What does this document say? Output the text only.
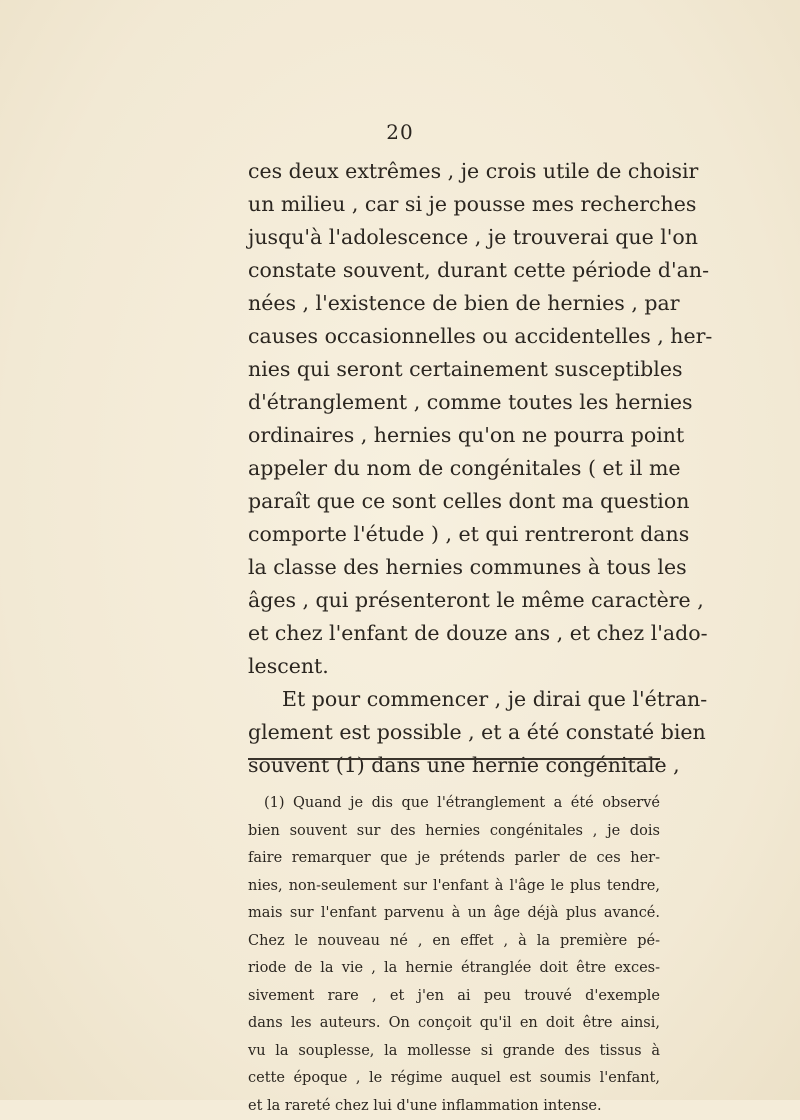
20
ces deux extrêmes , je crois utile de choisir
un milieu , car si je pousse mes recherches
jusqu'à l'adolescence , je trouverai que l'on
constate souvent, durant cette période d'an-
nées , l'existence de bien de hernies , par
causes occasionnelles ou accidentelles , her-
nies qui seront certainement susceptibles
d'étranglement , comme toutes les hernies
ordinaires , hernies qu'on ne pourra point
appeler du nom de congénitales ( et il me
paraît que ce sont celles dont ma question
comporte l'étude ) , et qui rentreront dans
la classe des hernies communes à tous les
âges , qui présenteront le même caractère ,
et chez l'enfant de douze ans , et chez l'ado-
lescent.
Et pour commencer , je dirai que l'étran-
glement est possible , et a été constaté bien
souvent (1) dans une hernie congénitale ,
(1) Quand je dis que l'étranglement a été observé
bien souvent sur des hernies congénitales , je dois
faire remarquer que je prétends parler de ces her-
nies, non-seulement sur l'enfant à l'âge le plus tendre,
mais sur l'enfant parvenu à un âge déjà plus avancé.
Chez le nouveau né , en effet , à la première pé-
riode de la vie , la hernie étranglée doit être exces-
sivement rare , et j'en ai peu trouvé d'exemple
dans les auteurs. On conçoit qu'il en doit être ainsi,
vu la souplesse, la mollesse si grande des tissus à
cette époque , le régime auquel est soumis l'enfant,
et la rareté chez lui d'une inflammation intense.
